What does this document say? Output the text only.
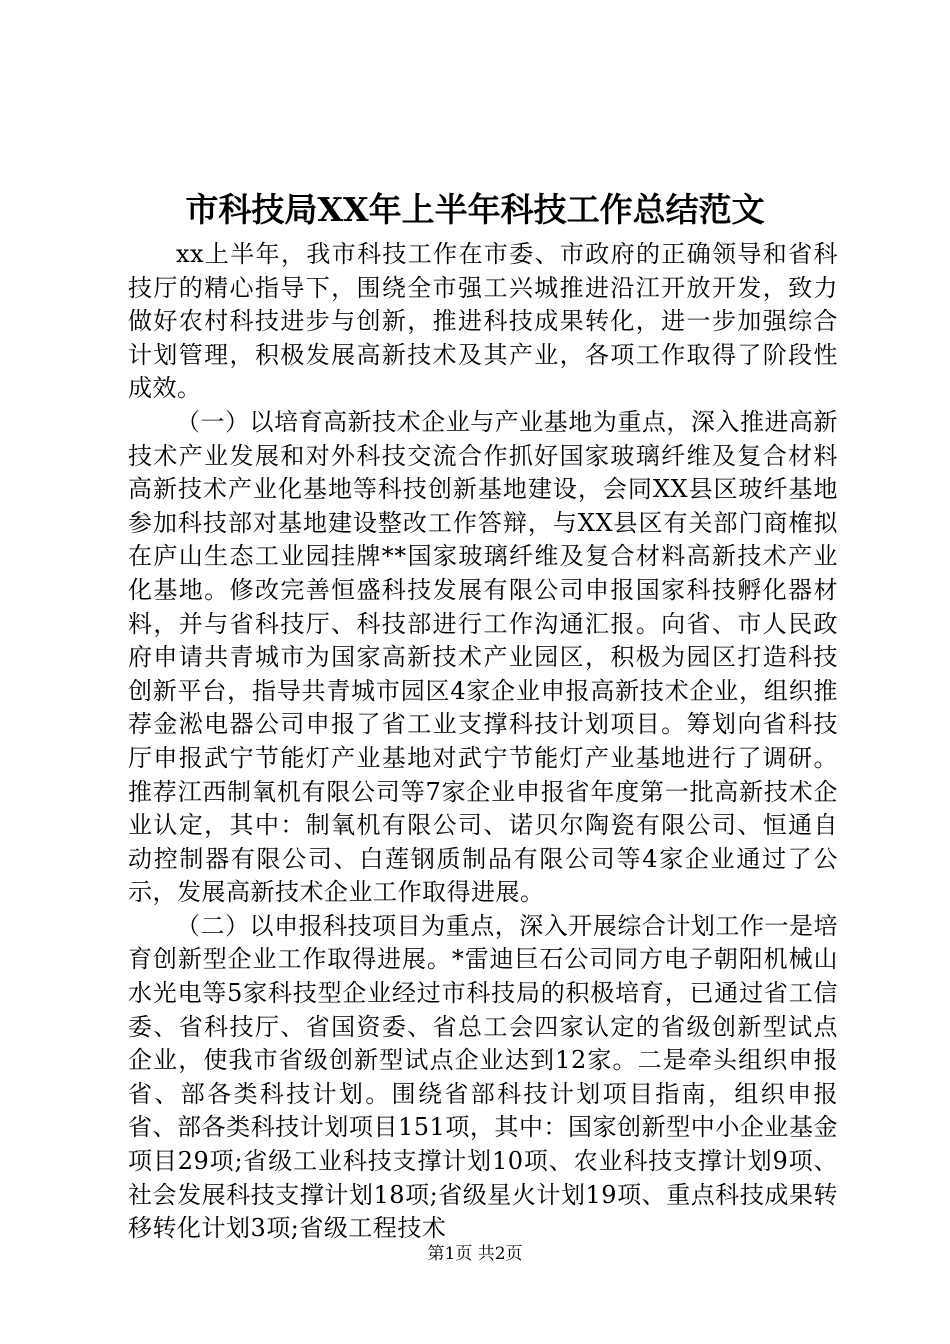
市科技局XX年上半年科技工作总结范文

xx上半年，我市科技工作在市委、市政府的正确领导和省科技厅的精心指导下，围绕全市强工兴城推进沿江开放开发，致力做好农村科技进步与创新，推进科技成果转化，进一步加强综合计划管理，积极发展高新技术及其产业，各项工作取得了阶段性成效。

（一）以培育高新技术企业与产业基地为重点，深入推进高新技术产业发展和对外科技交流合作抓好国家玻璃纤维及复合材料高新技术产业化基地等科技创新基地建设，会同XX县区玻纤基地参加科技部对基地建设整改工作答辩，与XX县区有关部门商榷拟在庐山生态工业园挂牌**国家玻璃纤维及复合材料高新技术产业化基地。修改完善恒盛科技发展有限公司申报国家科技孵化器材料，并与省科技厅、科技部进行工作沟通汇报。向省、市人民政府申请共青城市为国家高新技术产业园区，积极为园区打造科技创新平台，指导共青城市园区4家企业申报高新技术企业，组织推荐金淞电器公司申报了省工业支撑科技计划项目。筹划向省科技厅申报武宁节能灯产业基地对武宁节能灯产业基地进行了调研。推荐江西制氧机有限公司等7家企业申报省年度第一批高新技术企业认定，其中：制氧机有限公司、诺贝尔陶瓷有限公司、恒通自动控制器有限公司、白莲钢质制品有限公司等4家企业通过了公示，发展高新技术企业工作取得进展。

（二）以申报科技项目为重点，深入开展综合计划工作一是培育创新型企业工作取得进展。*雷迪巨石公司同方电子朝阳机械山水光电等5家科技型企业经过市科技局的积极培育，已通过省工信委、省科技厅、省国资委、省总工会四家认定的省级创新型试点企业，使我市省级创新型试点企业达到12家。二是牵头组织申报省、部各类科技计划。围绕省部科技计划项目指南，组织申报省、部各类科技计划项目151项，其中：国家创新型中小企业基金项目29项;省级工业科技支撑计划10项、农业科技支撑计划9项、社会发展科技支撑计划18项;省级星火计划19项、重点科技成果转移转化计划3项;省级工程技术

第1页 共2页
